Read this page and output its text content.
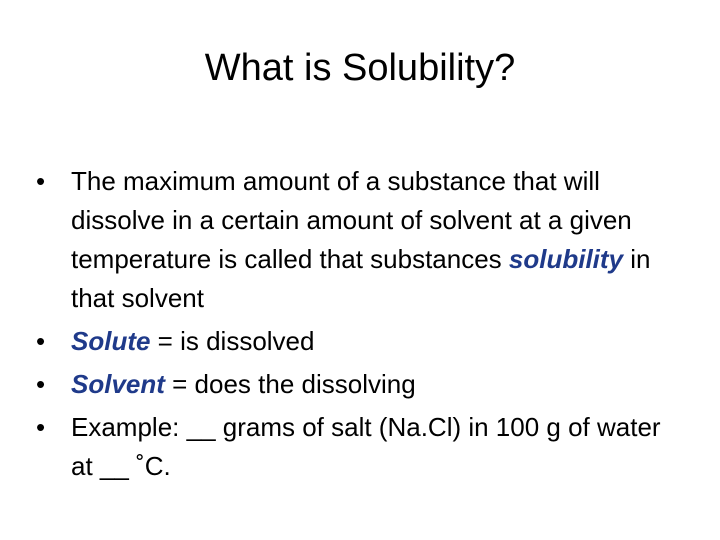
What is Solubility?
• The maximum amount of a substance that will dissolve in a certain amount of solvent at a given temperature is called that substances solubility in that solvent
• Solute = is dissolved
• Solvent = does the dissolving
• Example: __ grams of salt (Na.Cl) in 100 g of water at __ ˚C.
